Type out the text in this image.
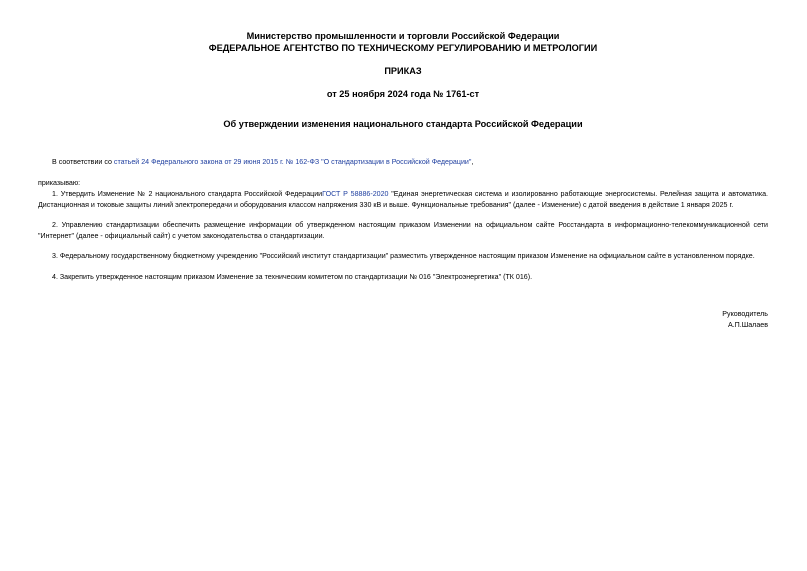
Министерство промышленности и торговли Российской Федерации
ФЕДЕРАЛЬНОЕ АГЕНТСТВО ПО ТЕХНИЧЕСКОМУ РЕГУЛИРОВАНИЮ И МЕТРОЛОГИИ
ПРИКАЗ
от 25 ноября 2024 года № 1761-ст
Об утверждении изменения национального стандарта Российской Федерации
В соответствии со статьей 24 Федерального закона от 29 июня 2015 г. № 162-ФЗ "О стандартизации в Российской Федерации",
приказываю:
1. Утвердить Изменение № 2 национального стандарта Российской ФедерацииГОСТ Р 58886-2020 "Единая энергетическая система и изолированно работающие энергосистемы. Релейная защита и автоматика. Дистанционная и токовые защиты линий электропередачи и оборудования классом напряжения 330 кВ и выше. Функциональные требования" (далее - Изменение) с датой введения в действие 1 января 2025 г.
2. Управлению стандартизации обеспечить размещение информации об утвержденном настоящим приказом Изменении на официальном сайте Росстандарта в информационно-телекоммуникационной сети "Интернет" (далее - официальный сайт) с учетом законодательства о стандартизации.
3. Федеральному государственному бюджетному учреждению "Российский институт стандартизации" разместить утвержденное настоящим приказом Изменение на официальном сайте в установленном порядке.
4. Закрепить утвержденное настоящим приказом Изменение за техническим комитетом по стандартизации № 016 "Электроэнергетика" (ТК 016).
Руководитель
А.П.Шалаев
